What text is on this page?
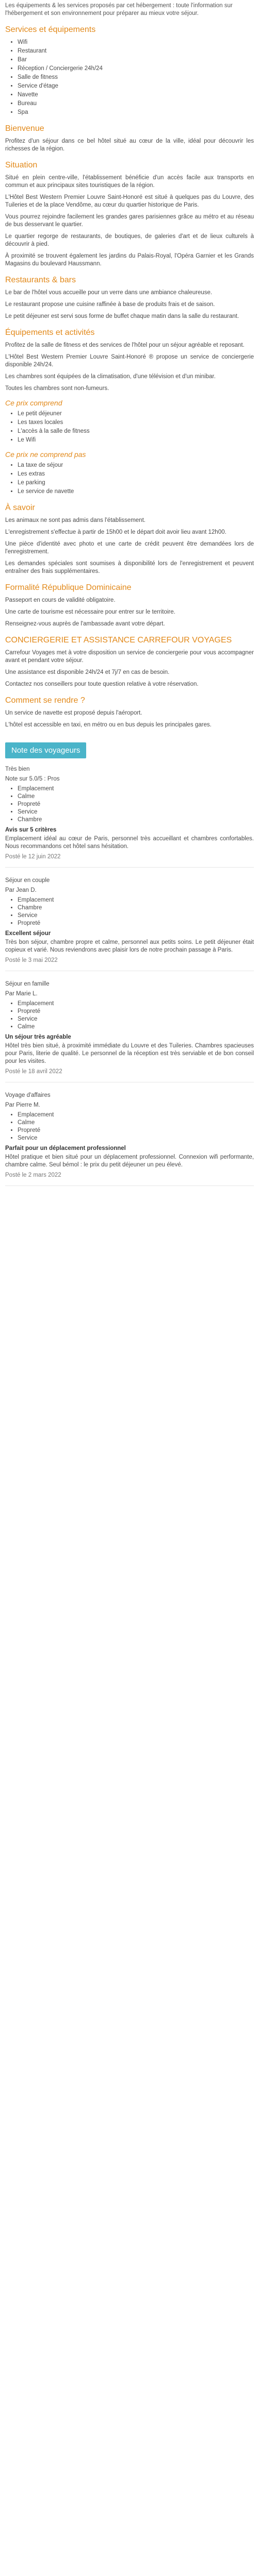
Les équipements & les services proposés par cet hébergement : toute l'information sur l'hébergement et son environnement pour préparer au mieux votre séjour.

Services et équipements
• Wifi
• Restaurant
• Bar
• Réception / Conciergerie 24h/24
• Salle de fitness
• Service d'étage
• Navette
• Bureau
• Spa
Bienvenue

Profitez d'un séjour dans ce bel hôtel situé au cœur de la ville, idéal pour découvrir les richesses de la région.

Situation

Situé en plein centre-ville, l'établissement bénéficie d'un accès facile aux transports en commun et aux principaux sites touristiques de la région.

L'Hôtel Best Western Premier Louvre Saint-Honoré est situé à quelques pas du Louvre, des Tuileries et de la place Vendôme, au cœur du quartier historique de Paris.

Vous pourrez rejoindre facilement les grandes gares parisiennes grâce au métro et au réseau de bus desservant le quartier.

Le quartier regorge de restaurants, de boutiques, de galeries d'art et de lieux culturels à découvrir à pied.

À proximité se trouvent également les jardins du Palais-Royal, l'Opéra Garnier et les Grands Magasins du boulevard Haussmann.

Restaurants & bars

Le bar de l'hôtel vous accueille pour un verre dans une ambiance chaleureuse.

Le restaurant propose une cuisine raffinée à base de produits frais et de saison.

Le petit déjeuner est servi sous forme de buffet chaque matin dans la salle du restaurant.

Équipements et activités

Profitez de la salle de fitness et des services de l'hôtel pour un séjour agréable et reposant.

L'Hôtel Best Western Premier Louvre Saint-Honoré ® propose un service de conciergerie disponible 24h/24.

Les chambres sont équipées de la climatisation, d'une télévision et d'un minibar.

Toutes les chambres sont non-fumeurs.

Ce prix comprend
• Le petit déjeuner
• Les taxes locales
• L'accès à la salle de fitness
• Le Wifi
Ce prix ne comprend pas
• La taxe de séjour
• Les extras
• Le parking
• Le service de navette
À savoir

Les animaux ne sont pas admis dans l'établissement.

L'enregistrement s'effectue à partir de 15h00 et le départ doit avoir lieu avant 12h00.

Une pièce d'identité avec photo et une carte de crédit peuvent être demandées lors de l'enregistrement.

Les demandes spéciales sont soumises à disponibilité lors de l'enregistrement et peuvent entraîner des frais supplémentaires.

Formalité République Dominicaine

Passeport en cours de validité obligatoire.

Une carte de tourisme est nécessaire pour entrer sur le territoire.

Renseignez-vous auprès de l'ambassade avant votre départ.

CONCIERGERIE ET ASSISTANCE CARREFOUR VOYAGES

Carrefour Voyages met à votre disposition un service de conciergerie pour vous accompagner avant et pendant votre séjour.

Une assistance est disponible 24h/24 et 7j/7 en cas de besoin.

Contactez nos conseillers pour toute question relative à votre réservation.

Comment se rendre ?

Un service de navette est proposé depuis l'aéroport.

L'hôtel est accessible en taxi, en métro ou en bus depuis les principales gares.

Note des voyageurs

Très bien

Note sur 5.0/5 : Pros

• Emplacement
• Calme
• Propreté
• Service
• Chambre

Avis sur 5 critères

Emplacement idéal au cœur de Paris, personnel très accueillant et chambres confortables. Nous recommandons cet hôtel sans hésitation.

Posté le 12 juin 2022

Séjour en couple

Par Jean D.

• Emplacement
• Chambre
• Service
• Propreté

Excellent séjour

Très bon séjour, chambre propre et calme, personnel aux petits soins. Le petit déjeuner était copieux et varié. Nous reviendrons avec plaisir lors de notre prochain passage à Paris.

Posté le 3 mai 2022

Séjour en famille

Par Marie L.

• Emplacement
• Propreté
• Service
• Calme

Un séjour très agréable

Hôtel très bien situé, à proximité immédiate du Louvre et des Tuileries. Chambres spacieuses pour Paris, literie de qualité. Le personnel de la réception est très serviable et de bon conseil pour les visites.

Posté le 18 avril 2022

Voyage d'affaires

Par Pierre M.

• Emplacement
• Calme
• Propreté
• Service

Parfait pour un déplacement professionnel

Hôtel pratique et bien situé pour un déplacement professionnel. Connexion wifi performante, chambre calme. Seul bémol : le prix du petit déjeuner un peu élevé.

Posté le 2 mars 2022
